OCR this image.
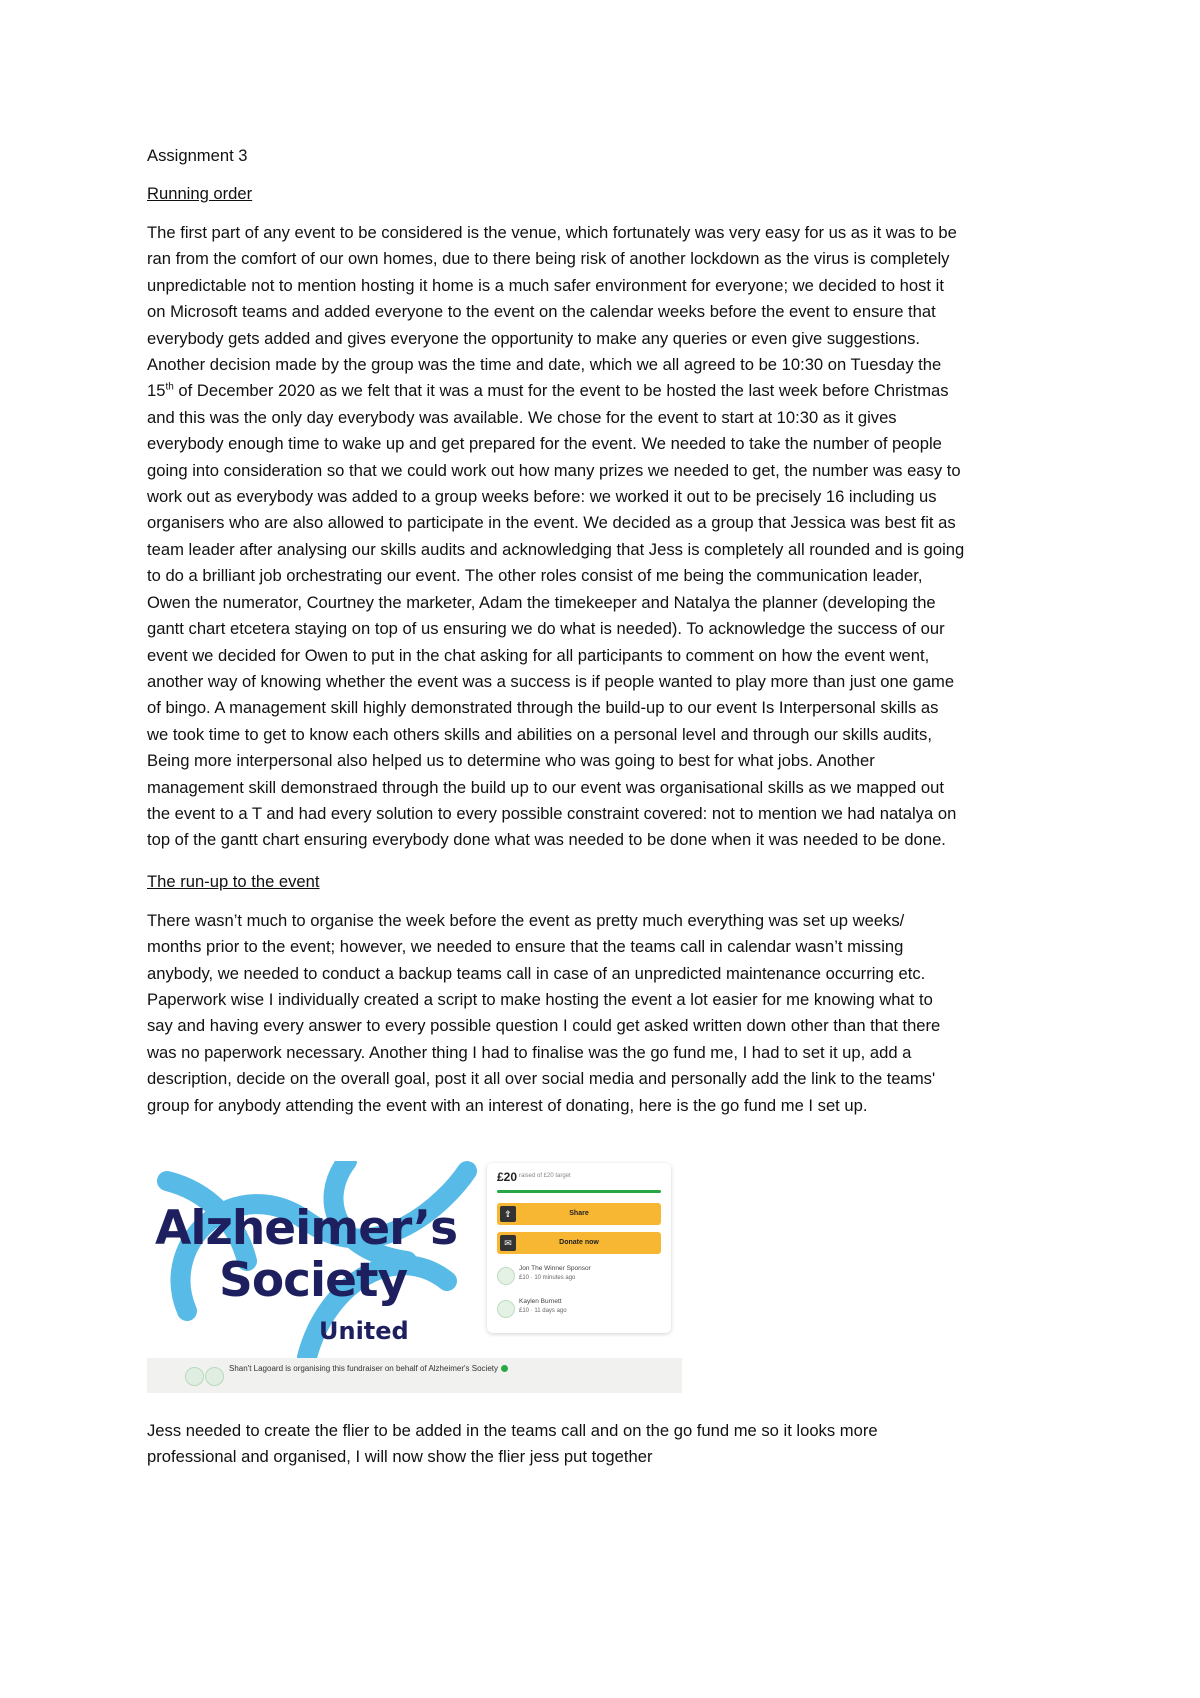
Assignment 3

Running order

The first part of any event to be considered is the venue, which fortunately was very easy for us as it was to be

ran from the comfort of our own homes, due to there being risk of another lockdown as the virus is completely

unpredictable not to mention hosting it home is a much safer environment for everyone; we decided to host it

on Microsoft teams and added everyone to the event on the calendar weeks before the event to ensure that

everybody gets added and gives everyone the opportunity to make any queries or even give suggestions.

Another decision made by the group was the time and date, which we all agreed to be 10:30 on Tuesday the

15th of December 2020 as we felt that it was a must for the event to be hosted the last week before Christmas

and this was the only day everybody was available. We chose for the event to start at 10:30 as it gives

everybody enough time to wake up and get prepared for the event. We needed to take the number of people

going into consideration so that we could work out how many prizes we needed to get, the number was easy to

work out as everybody was added to a group weeks before: we worked it out to be precisely 16 including us

organisers who are also allowed to participate in the event. We decided as a group that Jessica was best fit as

team leader after analysing our skills audits and acknowledging that Jess is completely all rounded and is going

to do a brilliant job orchestrating our event. The other roles consist of me being the communication leader,

Owen the numerator, Courtney the marketer, Adam the timekeeper and Natalya the planner (developing the

gantt chart etcetera staying on top of us ensuring we do what is needed). To acknowledge the success of our

event we decided for Owen to put in the chat asking for all participants to comment on how the event went,

another way of knowing whether the event was a success is if people wanted to play more than just one game

of bingo. A management skill highly demonstrated through the build-up to our event Is Interpersonal skills as

we took time to get to know each others skills and abilities on a personal level and through our skills audits,

Being more interpersonal also helped us to determine who was going to best for what jobs. Another

management skill demonstraed through the build up to our event was organisational skills as we mapped out

the event to a T and had every solution to every possible constraint covered: not to mention we had natalya on

top of the gantt chart ensuring everybody done what was needed to be done when it was needed to be done.

The run-up to the event

There wasn’t much to organise the week before the event as pretty much everything was set up weeks/

months prior to the event; however, we needed to ensure that the teams call in calendar wasn’t missing

anybody, we needed to conduct a backup teams call in case of an unpredicted maintenance occurring etc.

Paperwork wise I individually created a script to make hosting the event a lot easier for me knowing what to

say and having every answer to every possible question I could get asked written down other than that there

was no paperwork necessary. Another thing I had to finalise was the go fund me, I had to set it up, add a

description, decide on the overall goal, post it all over social media and personally add the link to the teams'

group for anybody attending the event with an interest of donating, here is the go fund me I set up.

Alzheimer’s
Society
United
£20 raised of £20 target
⇪	Share
✉	Donate now
Jon The Winner Sponsor
£10 · 10 minutes ago
Kaylen Burnett
£10 · 11 days ago
Shan't Lagoard is organising this fundraiser on behalf of Alzheimer's Society

Jess needed to create the flier to be added in the teams call and on the go fund me so it looks more

professional and organised, I will now show the flier jess put together
